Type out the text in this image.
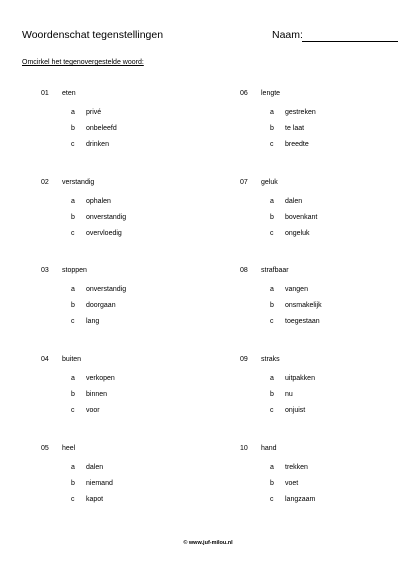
Woordenschat tegenstellingen	Naam:
Omcirkel het tegenovergestelde woord:
01 eten
a privé
b onbeleefd
c drinken
02 verstandig
a ophalen
b onverstandig
c overvloedig
03 stoppen
a onverstandig
b doorgaan
c lang
04 buiten
a verkopen
b binnen
c voor
05 heel
a dalen
b niemand
c kapot
06 lengte
a gestreken
b te laat
c breedte
07 geluk
a dalen
b bovenkant
c ongeluk
08 strafbaar
a vangen
b onsmakelijk
c toegestaan
09 straks
a uitpakken
b nu
c onjuist
10 hand
a trekken
b voet
c langzaam
© www.juf-milou.nl
